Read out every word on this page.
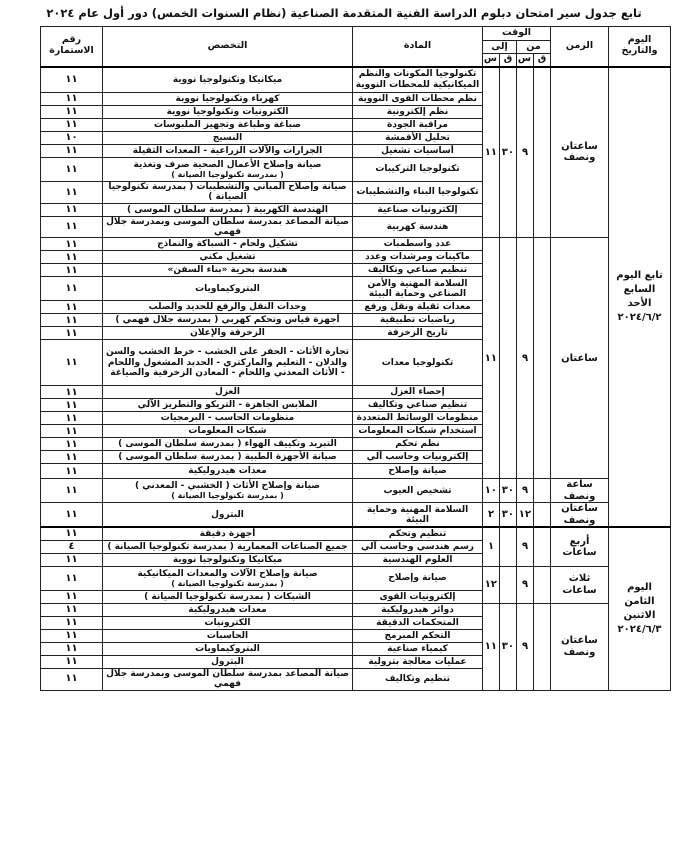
تابع جدول سير امتحان دبلوم الدراسة الفنية المتقدمة الصناعية (نظام السنوات الخمس) دور أول عام ٢٠٢٤
اليوم والتاريخ	الزمن	الوقت				المادة	التخصص	رقم الاستمارة
		من		إلى				
		ق	س	ق	س			
تابع اليوم السابع الأحد ٢٠٢٤/٦/٢	ساعتان ونصف		٩	٣٠	١١	تكنولوجيا المكونات والنظم الميكانيكية للمحطات النووية	ميكانيكا وتكنولوجيا نووية	١١
						نظم محطات القوى النووية	كهرباء وتكنولوجيا نووية	١١
						نظم إلكترونية	الكترونيات وتكنولوجيا نووية	١١
						مراقبة الجودة	صباغة وطباعة وتجهيز الملبوسات	١١
						تحليل الأقمشة	النسيج	١٠
						أساسيات تشغيل	الجرارات والآلات الزراعية - المعدات الثقيلة	١١
						تكنولوجيا التركيبات	صيانة وإصلاح الأعمال الصحية صرف وتغذية
( بمدرسة تكنولوجيا الصيانة )	١١
						تكنولوجيا البناء والتشطيبات	صيانة وإصلاح المباني والتشطيبات ( بمدرسة تكنولوجيا الصيانة )	١١
						إلكترونيات صناعية	الهندسة الكهربية ( بمدرسة سلطان الموسى )	١١
						هندسة كهربية	صيانة المصاعد بمدرسة سلطان الموسى وبمدرسة جلال فهمي	١١
	ساعتان		٩		١١	عدد واسطمبات	تشكيل ولحام - السباكة والنماذج	١١
						ماكينات ومرشدات وعدد	تشغيل مكني	١١
						تنظيم صناعي وتكاليف	هندسة بحرية «بناء السفن»	١١
						السلامة المهنية والأمن الصناعي وحماية البيئة	البتروكيماويات	١١
						معدات ثقيلة ونقل ورفع	وحدات النقل والرفع للحديد والصلب	١١
						رياضيات تطبيقية	أجهزة قياس وتحكم كهربي ( بمدرسة جلال فهمي )	١١
						تاريخ الزخرفة	الزخرفة والإعلان	١١
						تكنولوجيا معدات	تجارة الأثاث - الحفر على الخشب - خرط الخشب والسن والدلان - التعليم والماركتري - الحديد المشغول واللحام - الأثاث المعدني واللحام - المعادن الزخرفية والصياغة	١١
						إحصاء الغزل	الغزل	١١
						تنظيم صناعي وتكاليف	الملابس الجاهزة - التريكو والتطريز الآلي	١١
						منظومات الوسائط المتعددة	منظومات الحاسب - البرمجيات	١١
						استخدام شبكات المعلومات	شبكات المعلومات	١١
						نظم تحكم	التبريد وتكييف الهواء ( بمدرسة سلطان الموسى )	١١
						إلكترونيات وحاسب آلي	صيانة الأجهزة الطبية ( بمدرسة سلطان الموسى )	١١
						صيانة وإصلاح	معدات هيدروليكية	١١
	ساعة ونصف		٩	٣٠	١٠	تشخيص العيوب	صيانة وإصلاح الأثاث ( الخشبي - المعدني )
( بمدرسة تكنولوجيا الصيانة )	١١
	ساعتان ونصف		١٢	٣٠	٢	السلامة المهنية وحماية البيئة	البترول	١١
اليوم الثامن الاثنين ٢٠٢٤/٦/٣	أربع ساعات		٩		١	تنظيم وتحكم	أجهزة دقيقة	١١
						رسم هندسي وحاسب آلي	جميع الصناعات المعمارية ( بمدرسة تكنولوجيا الصيانة )	٤
						العلوم الهندسية	ميكانيكا وتكنولوجيا نووية	١١
	ثلاث ساعات		٩		١٢	صيانة وإصلاح	صيانة وإصلاح الآلات والمعدات الميكانيكية
( بمدرسة تكنولوجيا الصيانة )	١١
						إلكترونيات القوى	الشبكات ( بمدرسة تكنولوجيا الصيانة )	١١
	ساعتان ونصف		٩	٣٠	١١	دوائر هيدروليكية	معدات هيدروليكية	١١
						المتحكمات الدقيقة	الكترونيات	١١
						التحكم المبرمج	الحاسبات	١١
						كيمياء صناعية	البتروكيماويات	١١
						عمليات معالجة بترولية	البترول	١١
						تنظيم وتكاليف	صيانة المصاعد بمدرسة سلطان الموسى وبمدرسة جلال فهمي	١١
